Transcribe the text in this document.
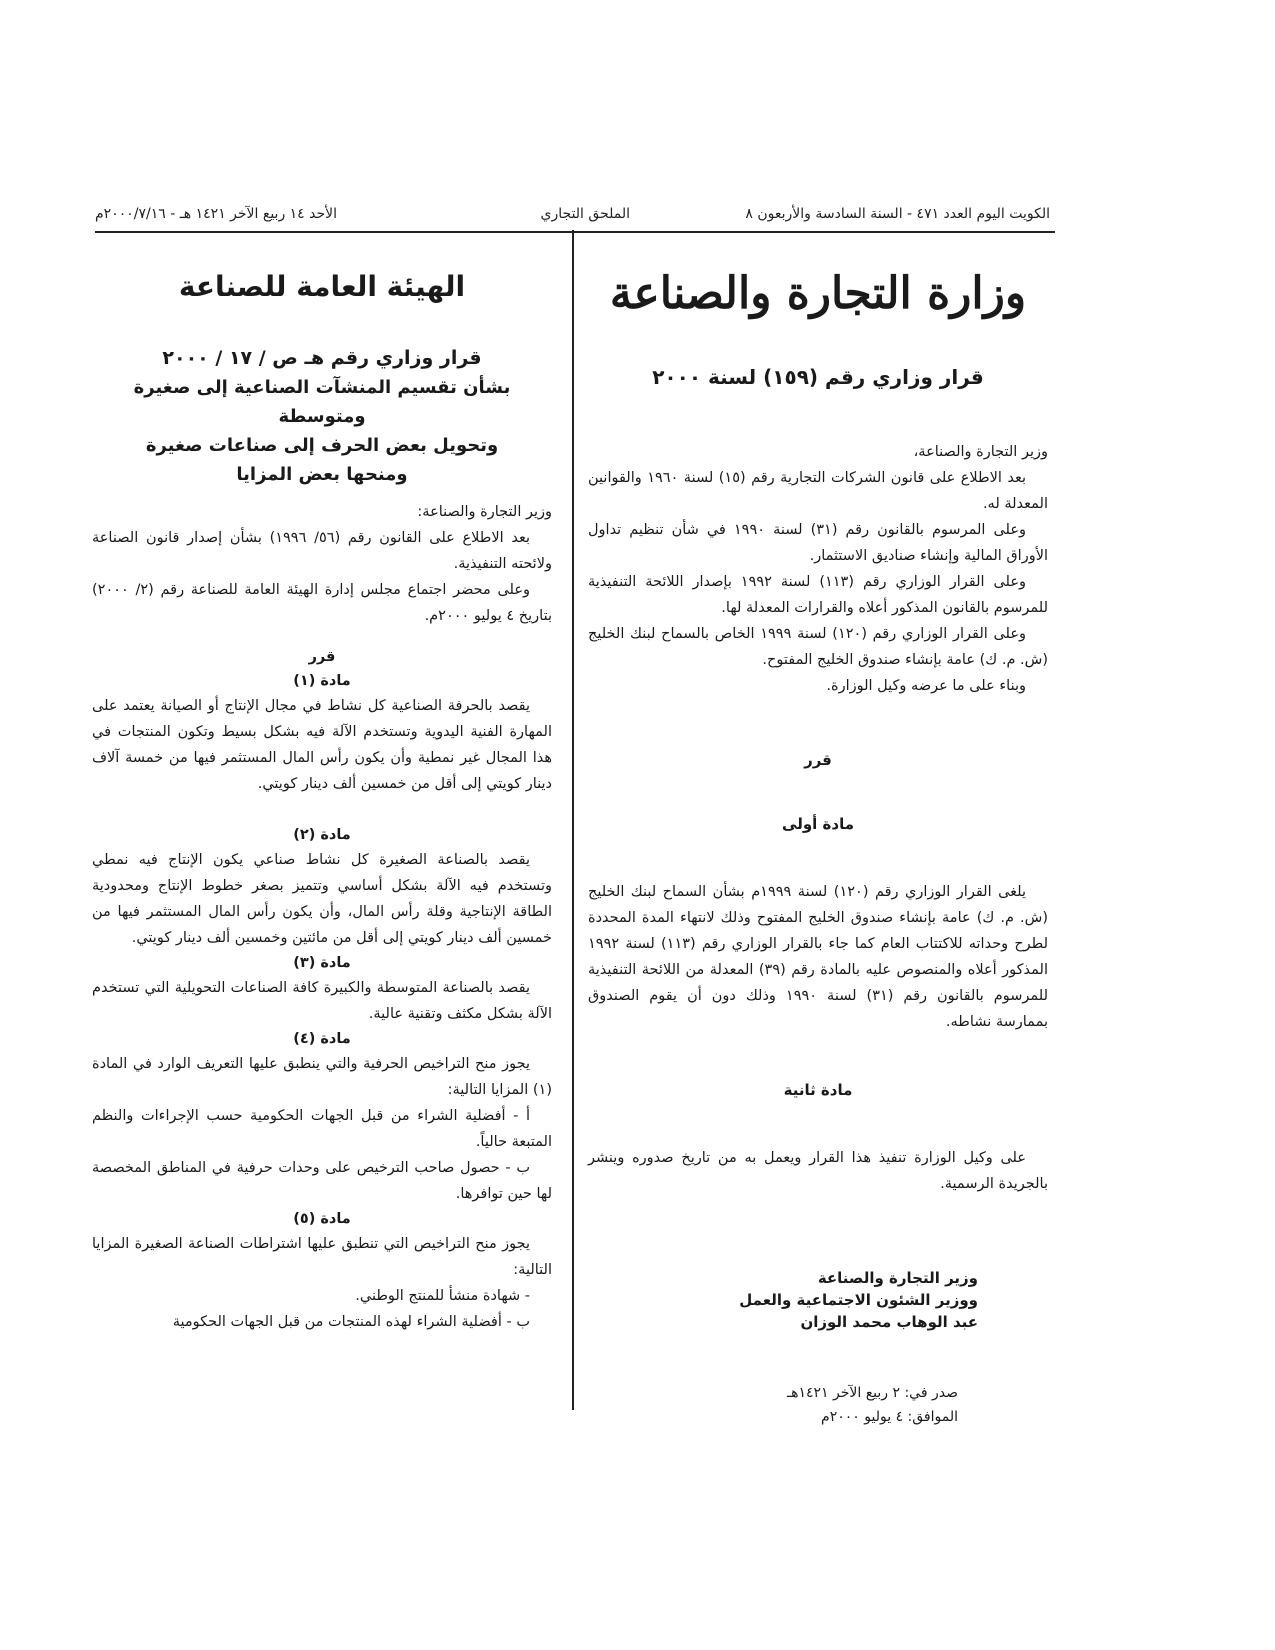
الكويت اليوم العدد ٤٧١ - السنة السادسة والأربعون ٨
الملحق التجاري
الأحد ١٤ ربيع الآخر ١٤٢١ هـ - ٢٠٠٠/٧/١٦م
وزارة التجارة والصناعة
قرار وزاري رقم (١٥٩) لسنة ٢٠٠٠

وزير التجارة والصناعة،

بعد الاطلاع على قانون الشركات التجارية رقم (١٥) لسنة ١٩٦٠ والقوانين المعدلة له.

وعلى المرسوم بالقانون رقم (٣١) لسنة ١٩٩٠ في شأن تنظيم تداول الأوراق المالية وإنشاء صناديق الاستثمار.

وعلى القرار الوزاري رقم (١١٣) لسنة ١٩٩٢ بإصدار اللائحة التنفيذية للمرسوم بالقانون المذكور أعلاه والقرارات المعدلة لها.

وعلى القرار الوزاري رقم (١٢٠) لسنة ١٩٩٩ الخاص بالسماح لبنك الخليج (ش. م. ك) عامة بإنشاء صندوق الخليج المفتوح.

وبناء على ما عرضه وكيل الوزارة.

قرر

مادة أولى

يلغى القرار الوزاري رقم (١٢٠) لسنة ١٩٩٩م بشأن السماح لبنك الخليج (ش. م. ك) عامة بإنشاء صندوق الخليج المفتوح وذلك لانتهاء المدة المحددة لطرح وحداته للاكتتاب العام كما جاء بالقرار الوزاري رقم (١١٣) لسنة ١٩٩٢ المذكور أعلاه والمنصوص عليه بالمادة رقم (٣٩) المعدلة من اللائحة التنفيذية للمرسوم بالقانون رقم (٣١) لسنة ١٩٩٠ وذلك دون أن يقوم الصندوق بممارسة نشاطه.

مادة ثانية

على وكيل الوزارة تنفيذ هذا القرار ويعمل به من تاريخ صدوره وينشر بالجريدة الرسمية.

وزير التجارة والصناعة
ووزير الشئون الاجتماعية والعمل
عبد الوهاب محمد الوزان
صدر في: ٢ ربيع الآخر ١٤٢١هـ
الموافق: ٤ يوليو ٢٠٠٠م
الهيئة العامة للصناعة

قرار وزاري رقم هـ ص / ١٧ / ٢٠٠٠

بشأن تقسيم المنشآت الصناعية إلى صغيرة ومتوسطة

وتحويل بعض الحرف إلى صناعات صغيرة

ومنحها بعض المزايا

وزير التجارة والصناعة:

بعد الاطلاع على القانون رقم (٥٦/ ١٩٩٦) بشأن إصدار قانون الصناعة ولائحته التنفيذية.

وعلى محضر اجتماع مجلس إدارة الهيئة العامة للصناعة رقم (٢/ ٢٠٠٠) بتاريخ ٤ يوليو ٢٠٠٠م.

قرر

مادة (١)

يقصد بالحرفة الصناعية كل نشاط في مجال الإنتاج أو الصيانة يعتمد على المهارة الفنية اليدوية وتستخدم الآلة فيه بشكل بسيط وتكون المنتجات في هذا المجال غير نمطية وأن يكون رأس المال المستثمر فيها من خمسة آلاف دينار كويتي إلى أقل من خمسين ألف دينار كويتي.

مادة (٢)

يقصد بالصناعة الصغيرة كل نشاط صناعي يكون الإنتاج فيه نمطي وتستخدم فيه الآلة بشكل أساسي وتتميز بصغر خطوط الإنتاج ومحدودية الطاقة الإنتاجية وقلة رأس المال، وأن يكون رأس المال المستثمر فيها من خمسين ألف دينار كويتي إلى أقل من مائتين وخمسين ألف دينار كويتي.

مادة (٣)

يقصد بالصناعة المتوسطة والكبيرة كافة الصناعات التحويلية التي تستخدم الآلة بشكل مكثف وتقنية عالية.

مادة (٤)

يجوز منح التراخيص الحرفية والتي ينطبق عليها التعريف الوارد في المادة (١) المزايا التالية:

أ - أفضلية الشراء من قبل الجهات الحكومية حسب الإجراءات والنظم المتبعة حالياً.

ب - حصول صاحب الترخيص على وحدات حرفية في المناطق المخصصة لها حين توافرها.

مادة (٥)

يجوز منح التراخيص التي تنطبق عليها اشتراطات الصناعة الصغيرة المزايا التالية:

- شهادة منشأ للمنتج الوطني.

ب - أفضلية الشراء لهذه المنتجات من قبل الجهات الحكومية
